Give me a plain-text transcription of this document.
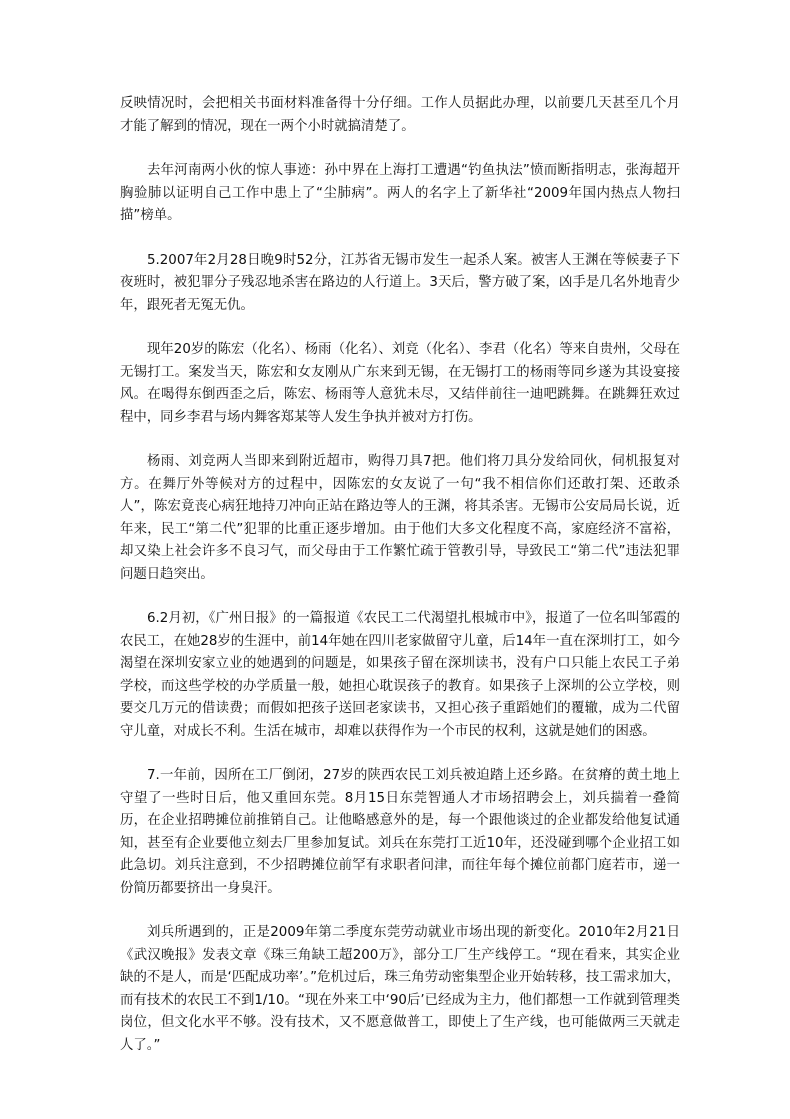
反映情况时，会把相关书面材料准备得十分仔细。工作人员据此办理，以前要几天甚至几个月才能了解到的情况，现在一两个小时就搞清楚了。

去年河南两小伙的惊人事迹：孙中界在上海打工遭遇“钓鱼执法”愤而断指明志，张海超开胸验肺以证明自己工作中患上了“尘肺病”。两人的名字上了新华社“2009年国内热点人物扫描”榜单。

5.2007年2月28日晚9时52分，江苏省无锡市发生一起杀人案。被害人王渊在等候妻子下夜班时，被犯罪分子残忍地杀害在路边的人行道上。3天后，警方破了案，凶手是几名外地青少年，跟死者无冤无仇。

现年20岁的陈宏（化名）、杨雨（化名）、刘竞（化名）、李君（化名）等来自贵州，父母在无锡打工。案发当天，陈宏和女友刚从广东来到无锡，在无锡打工的杨雨等同乡遂为其设宴接风。在喝得东倒西歪之后，陈宏、杨雨等人意犹未尽，又结伴前往一迪吧跳舞。在跳舞狂欢过程中，同乡李君与场内舞客郑某等人发生争执并被对方打伤。

杨雨、刘竞两人当即来到附近超市，购得刀具7把。他们将刀具分发给同伙，伺机报复对方。在舞厅外等候对方的过程中，因陈宏的女友说了一句“我不相信你们还敢打架、还敢杀人”，陈宏竟丧心病狂地持刀冲向正站在路边等人的王渊，将其杀害。无锡市公安局局长说，近年来，民工“第二代”犯罪的比重正逐步增加。由于他们大多文化程度不高，家庭经济不富裕，却又染上社会许多不良习气，而父母由于工作繁忙疏于管教引导，导致民工“第二代”违法犯罪问题日趋突出。

6.2月初，《广州日报》的一篇报道《农民工二代渴望扎根城市中》，报道了一位名叫邹霞的农民工，在她28岁的生涯中，前14年她在四川老家做留守儿童，后14年一直在深圳打工，如今渴望在深圳安家立业的她遇到的问题是，如果孩子留在深圳读书，没有户口只能上农民工子弟学校，而这些学校的办学质量一般，她担心耽误孩子的教育。如果孩子上深圳的公立学校，则要交几万元的借读费；而假如把孩子送回老家读书，又担心孩子重蹈她们的覆辙，成为二代留守儿童，对成长不利。生活在城市，却难以获得作为一个市民的权利，这就是她们的困惑。

7.一年前，因所在工厂倒闭，27岁的陕西农民工刘兵被迫踏上还乡路。在贫瘠的黄土地上守望了一些时日后，他又重回东莞。8月15日东莞智通人才市场招聘会上，刘兵揣着一叠简历，在企业招聘摊位前推销自己。让他略感意外的是，每一个跟他谈过的企业都发给他复试通知，甚至有企业要他立刻去厂里参加复试。刘兵在东莞打工近10年，还没碰到哪个企业招工如此急切。刘兵注意到，不少招聘摊位前罕有求职者问津，而往年每个摊位前都门庭若市，递一份简历都要挤出一身臭汗。

刘兵所遇到的，正是2009年第二季度东莞劳动就业市场出现的新变化。2010年2月21日《武汉晚报》发表文章《珠三角缺工超200万》，部分工厂生产线停工。“现在看来，其实企业缺的不是人，而是‘匹配成功率’。”危机过后，珠三角劳动密集型企业开始转移，技工需求加大，而有技术的农民工不到1/10。“现在外来工中‘90后’已经成为主力，他们都想一工作就到管理类岗位，但文化水平不够。没有技术，又不愿意做普工，即使上了生产线，也可能做两三天就走人了。”
